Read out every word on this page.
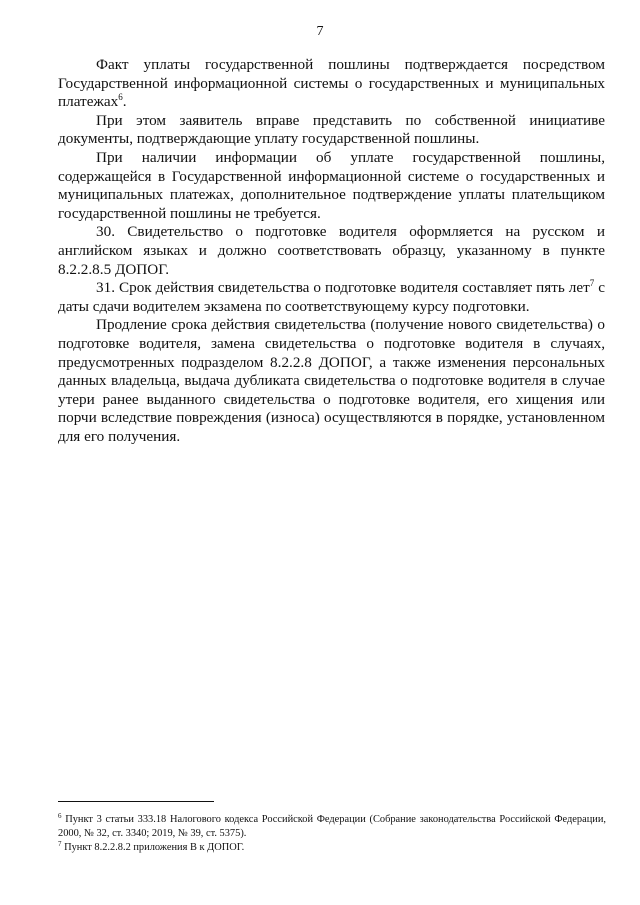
7

Факт уплаты государственной пошлины подтверждается посредством Государственной информационной системы о государственных и муниципальных платежах$^6$.

При этом заявитель вправе представить по собственной инициативе документы, подтверждающие уплату государственной пошлины.

При наличии информации об уплате государственной пошлины, содержащейся в Государственной информационной системе о государственных и муниципальных платежах, дополнительное подтверждение уплаты плательщиком государственной пошлины не требуется.

30. Свидетельство о подготовке водителя оформляется на русском и английском языках и должно соответствовать образцу, указанному в пункте 8.2.2.8.5 ДОПОГ.

31. Срок действия свидетельства о подготовке водителя составляет пять лет$^7$ с даты сдачи водителем экзамена по соответствующему курсу подготовки.

Продление срока действия свидетельства (получение нового свидетельства) о подготовке водителя, замена свидетельства о подготовке водителя в случаях, предусмотренных подразделом 8.2.2.8 ДОПОГ, а также изменения персональных данных владельца, выдача дубликата свидетельства о подготовке водителя в случае утери ранее выданного свидетельства о подготовке водителя, его хищения или порчи вследствие повреждения (износа) осуществляются в порядке, установленном для его получения.

$^6$ Пункт 3 статьи 333.18 Налогового кодекса Российской Федерации (Собрание законодательства Российской Федерации, 2000, № 32, ст. 3340; 2019, № 39, ст. 5375).

$^7$ Пункт 8.2.2.8.2 приложения В к ДОПОГ.
